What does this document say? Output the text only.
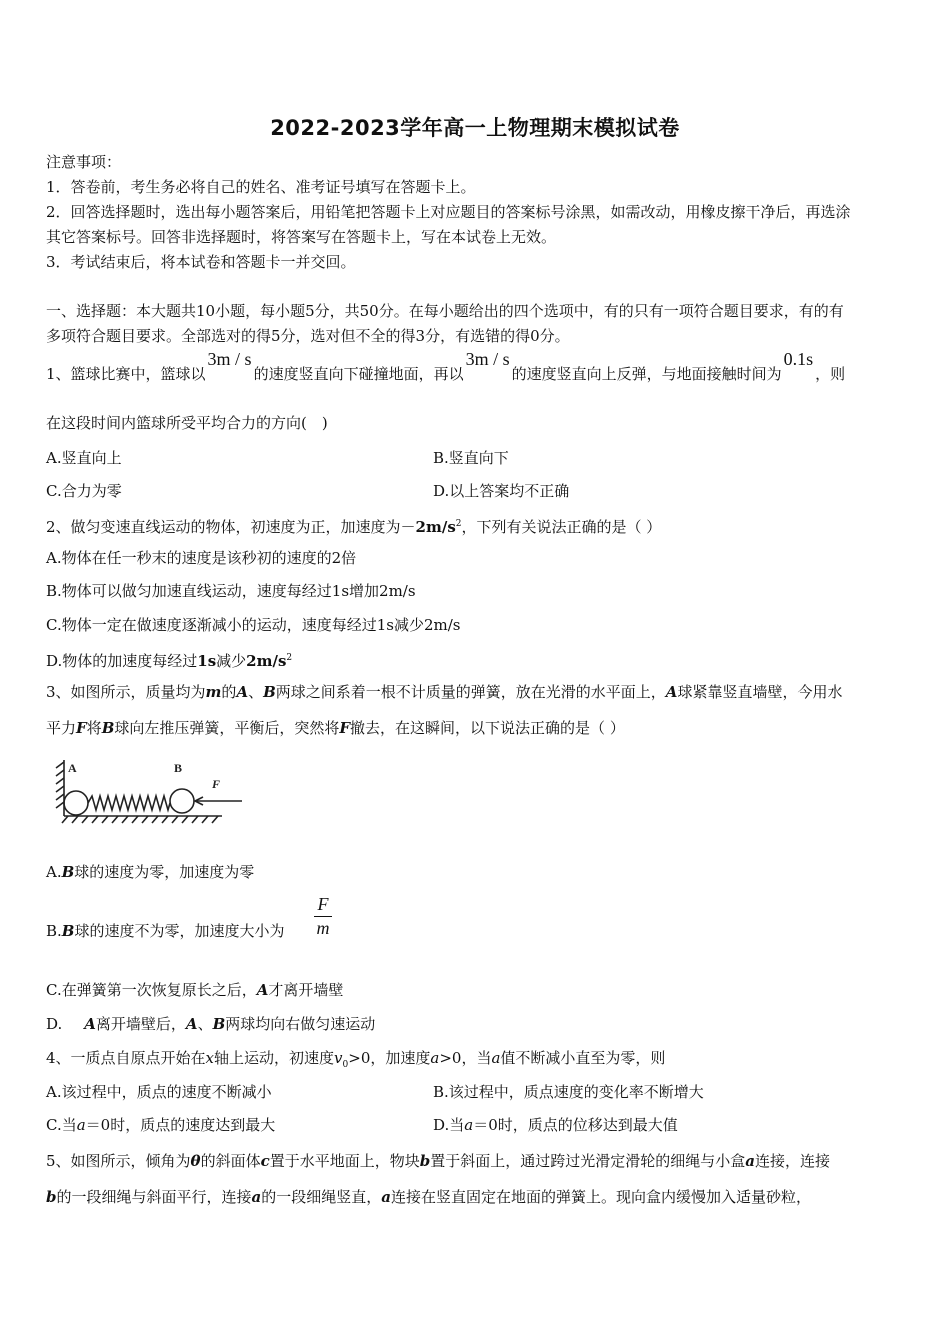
2022-2023学年高一上物理期末模拟试卷
注意事项：
1．答卷前，考生务必将自己的姓名、准考证号填写在答题卡上。
2．回答选择题时，选出每小题答案后，用铅笔把答题卡上对应题目的答案标号涂黑，如需改动，用橡皮擦干净后，再选涂
其它答案标号。回答非选择题时，将答案写在答题卡上，写在本试卷上无效。
3．考试结束后，将本试卷和答题卡一并交回。
一、选择题：本大题共10小题，每小题5分，共50分。在每小题给出的四个选项中，有的只有一项符合题目要求，有的有
多项符合题目要求。全部选对的得5分，选对但不全的得3分，有选错的得0分。
1、篮球比赛中，篮球以3m / s的速度竖直向下碰撞地面，再以3m / s的速度竖直向上反弹，与地面接触时间为0.1s，则
在这段时间内篮球所受平均合力的方向(　)
A.竖直向上	B.竖直向下
C.合力为零	D.以上答案均不正确
2、做匀变速直线运动的物体，初速度为正，加速度为$-2m/s^2$，下列有关说法正确的是（ ）
A.物体在任一秒末的速度是该秒初的速度的2倍
B.物体可以做匀加速直线运动，速度每经过1s增加2m/s
C.物体一定在做速度逐渐减小的运动，速度每经过1s减少2m/s
D.物体的加速度每经过1s减少$2m/s^2$
3、如图所示，质量均为m的A、B两球之间系着一根不计质量的弹簧，放在光滑的水平面上，A球紧靠竖直墙壁，今用水
平力F将B球向左推压弹簧，平衡后，突然将F撤去，在这瞬间，以下说法正确的是（ ）
A	B
F
A.B球的速度为零，加速度为零
B.B球的速度不为零，加速度大小为
F
m
C.在弹簧第一次恢复原长之后，A才离开墙壁
D. A离开墙壁后，A、B两球均向右做匀速运动
4、一质点自原点开始在x轴上运动，初速度$v_0>0$，加速度a>0，当a值不断减小直至为零，则
A.该过程中，质点的速度不断减小	B.该过程中，质点速度的变化率不断增大
C.当a＝0时，质点的速度达到最大	D.当a＝0时，质点的位移达到最大值
5、如图所示，倾角为θ的斜面体c置于水平地面上，物块b置于斜面上，通过跨过光滑定滑轮的细绳与小盒a连接，连接
b的一段细绳与斜面平行，连接a的一段细绳竖直，a连接在竖直固定在地面的弹簧上。现向盒内缓慢加入适量砂粒，
